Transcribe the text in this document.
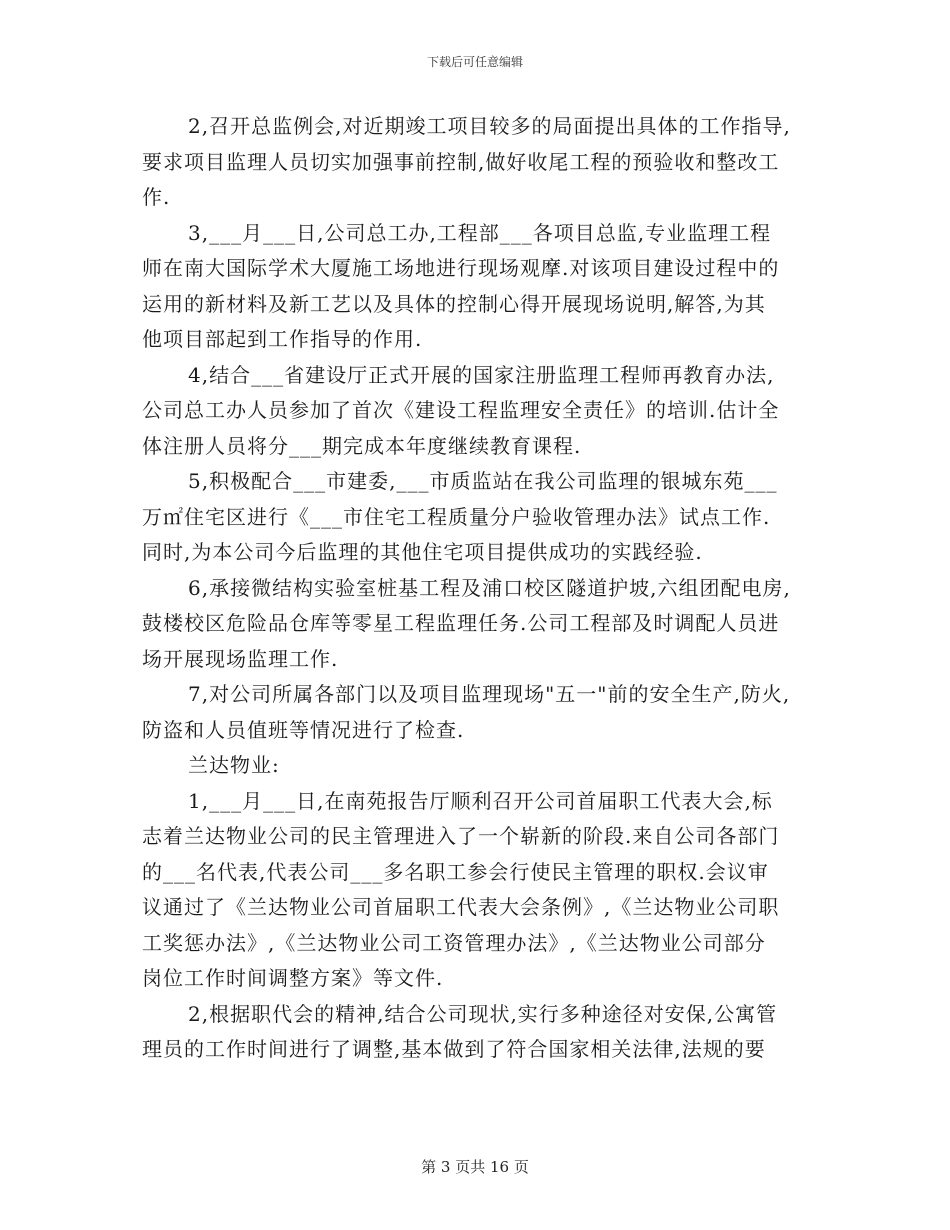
下载后可任意编辑
2,召开总监例会,对近期竣工项目较多的局面提出具体的工作指导,
要求项目监理人员切实加强事前控制,做好收尾工程的预验收和整改工
作.
3,___月___日,公司总工办,工程部___各项目总监,专业监理工程
师在南大国际学术大厦施工场地进行现场观摩.对该项目建设过程中的
运用的新材料及新工艺以及具体的控制心得开展现场说明,解答,为其
他项目部起到工作指导的作用.
4,结合___省建设厅正式开展的国家注册监理工程师再教育办法,
公司总工办人员参加了首次《建设工程监理安全责任》的培训.估计全
体注册人员将分___期完成本年度继续教育课程.
5,积极配合___市建委,___市质监站在我公司监理的银城东苑___
万㎡住宅区进行《___市住宅工程质量分户验收管理办法》试点工作.
同时,为本公司今后监理的其他住宅项目提供成功的实践经验.
6,承接微结构实验室桩基工程及浦口校区隧道护坡,六组团配电房,
鼓楼校区危险品仓库等零星工程监理任务.公司工程部及时调配人员进
场开展现场监理工作.
7,对公司所属各部门以及项目监理现场"五一"前的安全生产,防火,
防盗和人员值班等情况进行了检查.
兰达物业:
1,___月___日,在南苑报告厅顺利召开公司首届职工代表大会,标
志着兰达物业公司的民主管理进入了一个崭新的阶段.来自公司各部门
的___名代表,代表公司___多名职工参会行使民主管理的职权.会议审
议通过了《兰达物业公司首届职工代表大会条例》,《兰达物业公司职
工奖惩办法》,《兰达物业公司工资管理办法》,《兰达物业公司部分
岗位工作时间调整方案》等文件.
2,根据职代会的精神,结合公司现状,实行多种途径对安保,公寓管
理员的工作时间进行了调整,基本做到了符合国家相关法律,法规的要
第 3 页共 16 页
